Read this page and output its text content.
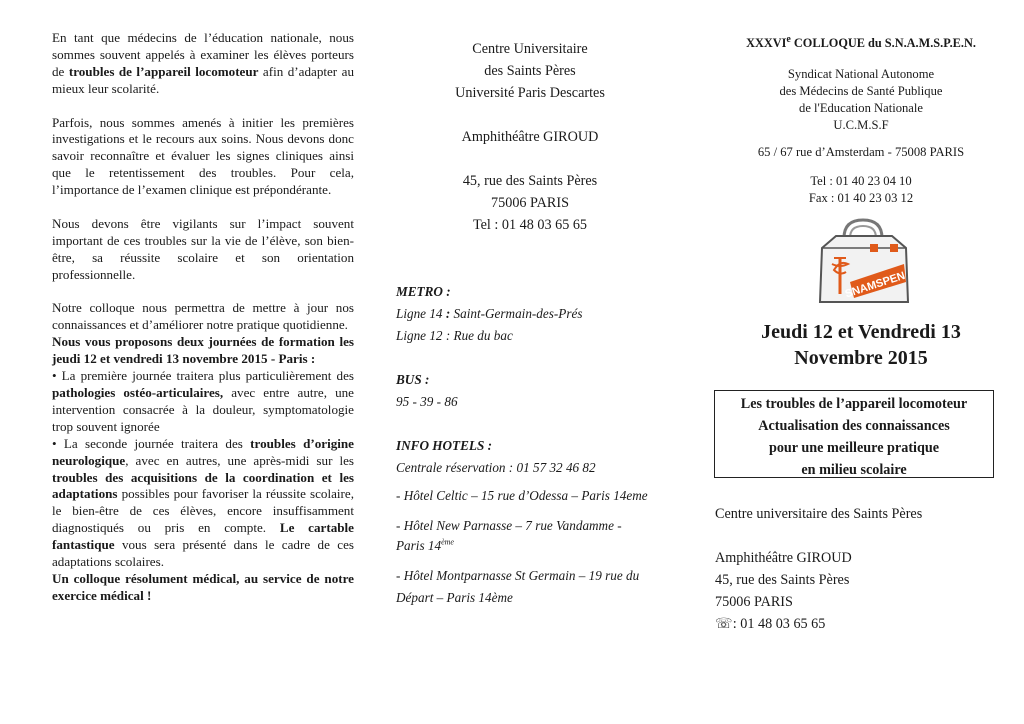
En tant que médecins de l’éducation nationale, nous sommes souvent appelés à examiner les élèves porteurs de troubles de l’appareil locomoteur afin d’adapter au mieux leur scolarité.

Parfois, nous sommes amenés à initier les premières investigations et le recours aux soins. Nous devons donc savoir reconnaître et évaluer les signes cliniques ainsi que le retentissement des troubles. Pour cela, l’importance de l’examen clinique est prépondérante.

Nous devons être vigilants sur l’impact souvent important de ces troubles sur la vie de l’élève, son bien-être, sa réussite scolaire et son orientation professionnelle.

Notre colloque nous permettra de mettre à jour nos connaissances et d’améliorer notre pratique quotidienne.

Nous vous proposons deux journées de formation les jeudi 12 et vendredi 13 novembre 2015 - Paris :

• La première journée traitera plus particulièrement des pathologies ostéo-articulaires, avec entre autre, une intervention consacrée à la douleur, symptomatologie trop souvent ignorée

• La seconde journée traitera des troubles d’origine neurologique, avec en autres, une après-midi sur les troubles des acquisitions de la coordination et les adaptations possibles pour favoriser la réussite scolaire, le bien-être de ces élèves, encore insuffisamment diagnostiqués ou pris en compte. Le cartable fantastique vous sera présenté dans le cadre de ces adaptations scolaires.

Un colloque résolument médical, au service de notre exercice médical !

Centre Universitaire
des Saints Pères
Université Paris Descartes
Amphithéâtre GIROUD
45, rue des Saints Pères
75006 PARIS
Tel : 01 48 03 65 65
METRO :
Ligne 14 : Saint-Germain-des-Prés
Ligne 12 : Rue du bac
BUS :
95 - 39 - 86
INFO HOTELS :
Centrale réservation : 01 57 32 46 82
- Hôtel Celtic – 15 rue d’Odessa – Paris 14eme
- Hôtel New Parnasse – 7 rue Vandamme -
Paris 14ème
- Hôtel Montparnasse St Germain – 19 rue du
Départ – Paris 14ème
XXXVIe COLLOQUE du S.N.A.M.S.P.E.N.
Syndicat National Autonome
des Médecins de Santé Publique
de l'Education Nationale
U.C.M.S.F
65 / 67 rue d’Amsterdam - 75008 PARIS
Tel : 01 40 23 04 10
Fax : 01 40 23 03 12
SNAMSPEN
Jeudi 12 et Vendredi 13
Novembre 2015
Les troubles de l’appareil locomoteur
Actualisation des connaissances
pour une meilleure pratique
en milieu scolaire
Centre universitaire des Saints Pères
Amphithéâtre GIROUD
45, rue des Saints Pères
75006 PARIS
☏: 01 48 03 65 65
